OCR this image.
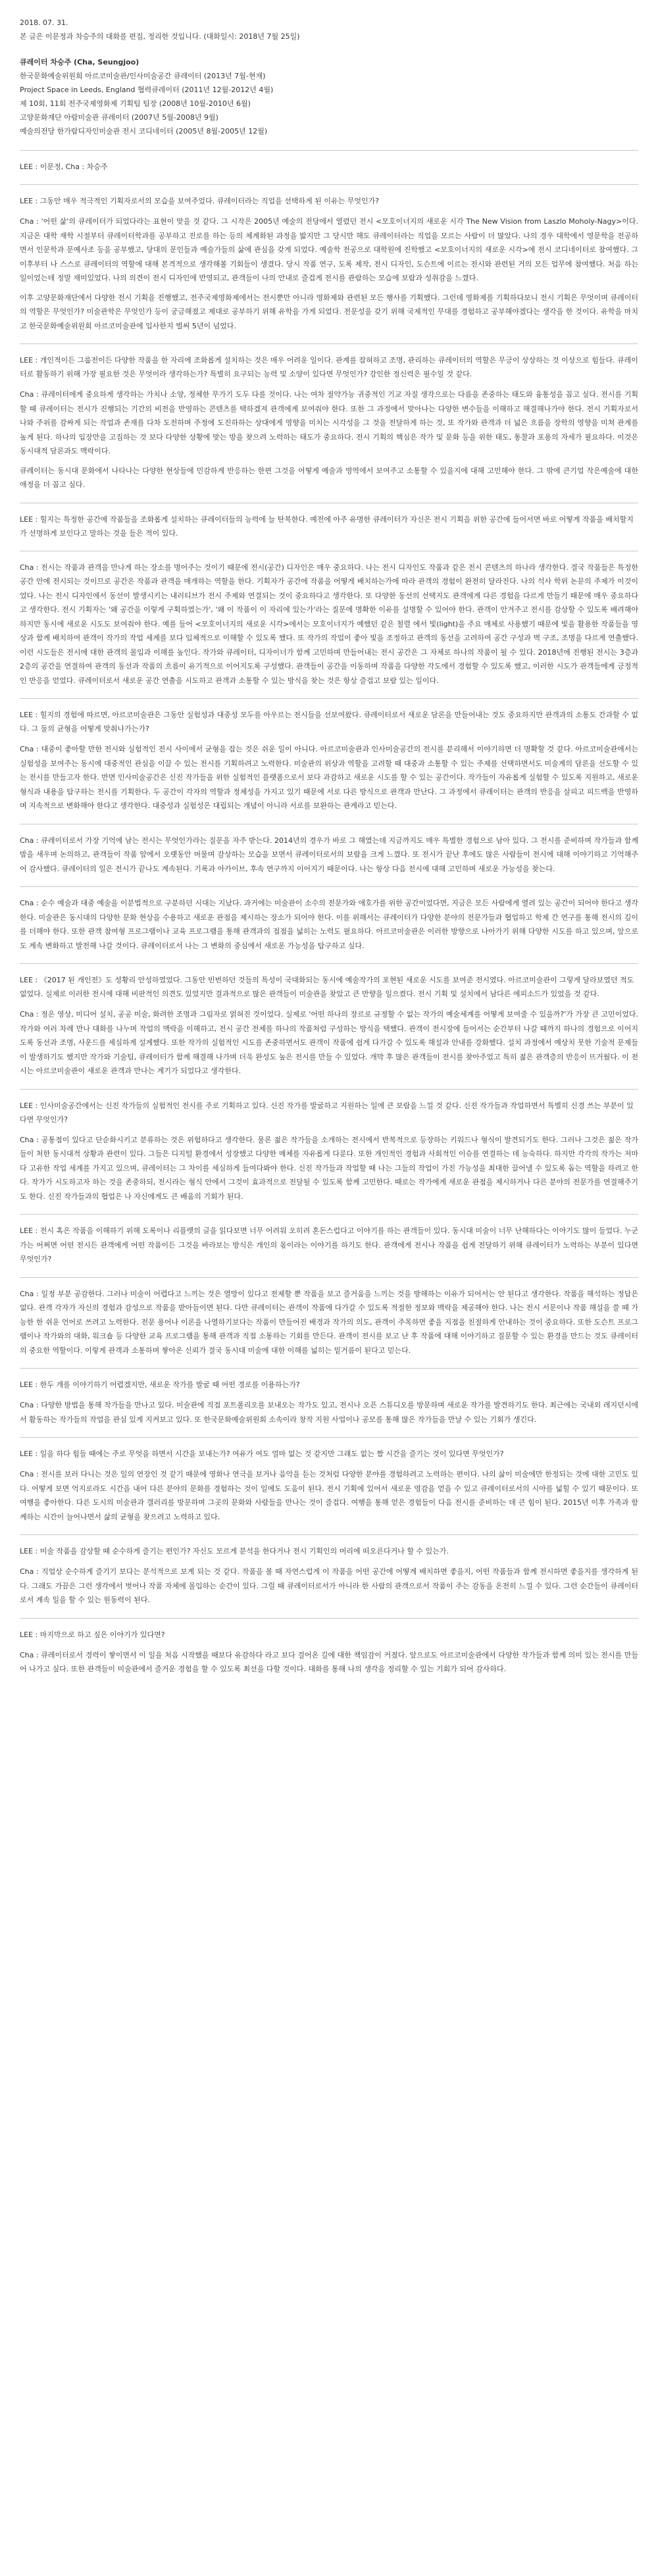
2018. 07. 31.

본 글은 이문정과 차승주의 대화를 편집, 정리한 것입니다. (대화일시: 2018년 7월 25일)

큐레이터 차승주 (Cha, Seungjoo)

한국문화예술위원회 아르코미술관/인사미술공간 큐레이터 (2013년 7월-현재)

Project Space in Leeds, England 협력큐레이터 (2011년 12월-2012년 4월)

제 10회, 11회 전주국제영화제 기획팀 팀장 (2008년 10월-2010년 6월)

고양문화재단 아람미술관 큐레이터 (2007년 5월-2008년 9월)

예술의전당 한가람디자인미술관 전시 코디네이터 (2005년 8월-2005년 12월)

LEE : 이문정, Cha : 차승주

LEE : 그동안 매우 적극적인 기획자로서의 모습을 보여주었다. 큐레이터라는 직업을 선택하게 된 이유는 무엇인가?

Cha : '어떤 삶'의 큐레이터가 되었다라는 표현이 맞을 것 같다. 그 시작은 2005년 예술의 전당에서 열렸던 전시 <모호이너지의 새로운 시각 The New Vision from Laszlo Moholy-Nagy>이다. 지금은 대학 재학 시절부터 큐레이터학과를 공부하고 진로를 하는 등의 체계화된 과정을 밟지만 그 당시만 해도 큐레이터라는 직업을 모르는 사람이 더 많았다. 나의 경우 대학에서 영문학을 전공하면서 인문학과 문예사조 등을 공부했고, 당대의 문인들과 예술가들의 삶에 관심을 갖게 되었다. 예술학 전공으로 대학원에 진학했고 <모호이너지의 새로운 시각>에 전시 코디네이터로 참여했다. 그 이후부터 나 스스로 큐레이터의 역할에 대해 본격적으로 생각해볼 기회들이 생겼다. 당시 작품 연구, 도록 제작, 전시 디자인, 도슨트에 이르는 전시와 관련된 거의 모든 업무에 참여했다. 처음 하는 일이었는데 정말 재미있었다. 나의 의견이 전시 디자인에 반영되고, 관객들이 나의 안내로 즐겁게 전시를 관람하는 모습에 보람과 성취감을 느꼈다.

이후 고양문화재단에서 다양한 전시 기획을 진행했고, 전주국제영화제에서는 전시뿐만 아니라 영화제와 관련된 모든 행사를 기획했다. 그런데 영화제를 기획하다보니 전시 기획은 무엇이며 큐레이터의 역할은 무엇인가? 미술관학은 무엇인가 등이 궁금해졌고 제대로 공부하기 위해 유학을 가게 되었다. 전문성을 갖기 위해 국제적인 무대를 경험하고 공부해야겠다는 생각을 한 것이다. 유학을 마치고 한국문화예술위원회 아르코미술관에 입사한지 벌써 5년이 넘었다.

LEE : 개인적이든 그룹전이든 다양한 작품을 한 자리에 조화롭게 설치하는 것은 매우 어려운 일이다. 관계를 잡혀하고 조명, 관리하는 큐레이터의 역할은 무긍이 상상하는 것 이상으로 힘들다. 큐레이터로 활동하기 위해 가장 필요한 것은 무엇이라 생각하는가? 특별히 요구되는 능력 및 소양이 있다면 무엇인가? 강인한 정신력은 필수일 것 같다.

Cha : 큐레이터에게 중요하게 생각하는 가치나 소양, 정체한 무가기 도두 다를 것이다. 나는 여차 절약가능 귀중적인 기교 자질 생각으로는 다름을 존중하는 태도와 융통성을 꼽고 싶다. 전시를 기획할 때 큐레이터는 전시가 진행되는 기간의 비전을 반영하는 콘텐츠를 택하겠져 관객에게 보여줘야 한다. 또한 그 과정에서 맞아나는 다양한 변수들을 이해하고 해결해나가야 한다. 전시 기획자로서 나와 주위를 감싸게 되는 작업과 존재를 다차 도전하며 주정에 도진하하는 상대에게 영향을 미치는 시각성을 그 것을 전달하게 하는 것, 또 작가와 관객과 더 넓은 흐름을 장학의 영향을 미쳐 관계를 높게 된다. 하나의 입장만을 고집하는 것 보다 다양한 상황에 맞는 방을 찾으려 노력하는 태도가 중요하다. 전시 기획의 핵심은 작가 및 문화 등을 위한 태도, 통찰과 포용의 자세가 필요하다. 이것은 동시대적 담론과도 맥락이다.

큐레이터는 동시대 문화에서 나타나는 다양한 현상들에 민감하게 반응하는 한편 그것을 어떻게 예술과 영역에서 보여주고 소통할 수 있을지에 대해 고민해야 한다. 그 밖에 큰기업 작은예술에 대한 애정을 더 꼽고 싶다.

LEE : 힐지는 특정한 공간에 작품들을 조화롭게 설치하는 큐레이터들의 능력에 늘 탄복한다. 예전에 아주 유명한 큐레이터가 자신은 전시 기획을 위한 공간에 들어서면 바로 어떻게 작품을 배치할지가 선명하게 보인다고 말하는 것을 들은 적이 있다.

Cha : 전시는 작품과 관객을 만나게 하는 장소를 명어주는 것이기 때문에 전시(공간) 디자인은 매우 중요하다. 나는 전시 디자인도 작품과 같은 전시 콘텐츠의 하나라 생각한다. 결국 작품들은 특정한 공간 안에 전시되는 것이므로 공간은 작품과 관객을 매개하는 역할을 한다. 기획자가 공간에 작품을 어떻게 배치하는가에 따라 관객의 경험이 완전히 달라진다. 나의 석사 학위 논문의 주제가 이것이었다. 나는 전시 디자인에서 동선이 발생시키는 내러티브가 전시 주제와 연결되는 것이 중요하다고 생각한다. 또 다양한 동선의 선택지도 관객에게 다른 경험을 다르게 만들기 때문에 매우 중요하다고 생각한다. 전시 기획자는 '왜 공간을 이렇게 구획하였는가', '왜 이 작품이 이 자리에 있는가'라는 질문에 명확한 이유를 설명할 수 있어야 한다. 관객이 안겨주고 전시를 감상할 수 있도록 배려해야 하지만 동시에 새로운 시도도 보여줘야 한다. 예를 들어 <모호이너지의 새로운 시각>에서는 모호이너지가 예했던 같은 철렬 에서 빛(light)을 주요 매체로 사용했기 때문에 빛을 활용한 작품들을 영상과 함께 배치하여 관객이 작가의 작업 세계를 보다 입체적으로 이해할 수 있도록 했다. 또 작가의 작업이 좋아 빛을 조정하고 관객의 동선을 고려하여 공간 구성과 벽 구조, 조명을 다르게 연출했다. 이런 시도들은 전시에 대한 관객의 몰입과 이해를 높인다. 작가와 큐레이터, 디자이너가 함께 고민하며 만들어내는 전시 공간은 그 자체로 하나의 작품이 될 수 있다. 2018년에 진행된 전시는 3층과 2층의 공간을 연결하여 관객의 동선과 작품의 흐름이 유기적으로 이어지도록 구성했다. 관객들이 공간을 이동하며 작품을 다양한 각도에서 경험할 수 있도록 했고, 이러한 시도가 관객들에게 긍정적인 반응을 얻었다. 큐레이터로서 새로운 공간 연출을 시도하고 관객과 소통할 수 있는 방식을 찾는 것은 항상 즐겁고 보람 있는 일이다.

LEE : 힐지의 경험에 따르면, 아르코미술관은 그동안 실험성과 대중성 모두를 아우르는 전시들을 선보여왔다. 큐레이터로서 새로운 담론을 만들어내는 것도 중요하지만 관객과의 소통도 간과할 수 없다. 그 둘의 균형을 어떻게 맞춰나가는가?

Cha : 대중이 좋아할 만한 전시와 실험적인 전시 사이에서 균형을 잡는 것은 쉬운 일이 아니다. 아르코미술관과 인사미술공간의 전시를 분리해서 이야기하면 더 명확할 것 같다. 아르코미술관에서는 실험성을 보여주는 동시에 대중적인 관심을 이끌 수 있는 전시를 기획하려고 노력한다. 미술관의 위상과 역할을 고려할 때 대중과 소통할 수 있는 주제를 선택하면서도 미술계의 담론을 선도할 수 있는 전시를 만들고자 한다. 반면 인사미술공간은 신진 작가들을 위한 실험적인 플랫폼으로서 보다 과감하고 새로운 시도를 할 수 있는 공간이다. 작가들이 자유롭게 실험할 수 있도록 지원하고, 새로운 형식과 내용을 탐구하는 전시를 기획한다. 두 공간이 각자의 역할과 정체성을 가지고 있기 때문에 서로 다른 방식으로 관객과 만난다. 그 과정에서 큐레이터는 관객의 반응을 살피고 피드백을 반영하며 지속적으로 변화해야 한다고 생각한다. 대중성과 실험성은 대립되는 개념이 아니라 서로를 보완하는 관계라고 믿는다.

Cha : 큐레이터로서 가장 기억에 남는 전시는 무엇인가라는 질문을 자주 받는다. 2014년의 경우가 바로 그 해였는데 지금까지도 매우 특별한 경험으로 남아 있다. 그 전시를 준비하며 작가들과 함께 밤을 새우며 논의하고, 관객들이 작품 앞에서 오랫동안 머물며 감상하는 모습을 보면서 큐레이터로서의 보람을 크게 느꼈다. 또 전시가 끝난 후에도 많은 사람들이 전시에 대해 이야기하고 기억해주어 감사했다. 큐레이터의 일은 전시가 끝나도 계속된다. 기록과 아카이브, 후속 연구까지 이어지기 때문이다. 나는 항상 다음 전시에 대해 고민하며 새로운 가능성을 찾는다.

Cha : 순수 예술과 대중 예술을 이분법적으로 구분하던 시대는 지났다. 과거에는 미술관이 소수의 전문가와 애호가를 위한 공간이었다면, 지금은 모든 사람에게 열려 있는 공간이 되어야 한다고 생각한다. 미술관은 동시대의 다양한 문화 현상을 수용하고 새로운 관점을 제시하는 장소가 되어야 한다. 이를 위해서는 큐레이터가 다양한 분야의 전문가들과 협업하고 학제 간 연구를 통해 전시의 깊이를 더해야 한다. 또한 관객 참여형 프로그램이나 교육 프로그램을 통해 관객과의 접점을 넓히는 노력도 필요하다. 아르코미술관은 이러한 방향으로 나아가기 위해 다양한 시도를 하고 있으며, 앞으로도 계속 변화하고 발전해 나갈 것이다. 큐레이터로서 나는 그 변화의 중심에서 새로운 가능성을 탐구하고 싶다.

LEE : 《2017 된 개인전》도 성황리 안성하였었다. 그동안 빈번하던 것들의 특성이 국대화되는 동시에 예술작가의 포현된 새로운 시도를 보여준 전시였다. 아르코미술관이 그렇게 달라보였던 적도 없었다. 실제로 이러한 전시에 대해 비판적인 의견도 있었지만 결과적으로 많은 관객들이 미술관을 찾았고 큰 반향을 일으켰다. 전시 기획 및 설치에서 남다른 에피소드가 있었을 것 같다.

Cha : 정은 영상, 미디어 설치, 공공 미술, 화려한 조명과 그림자로 얽혀진 것이었다. 실제로 '어떤 하나의 장르로 규정할 수 없는 작가의 예술세계를 어떻게 보여줄 수 있을까?'가 가장 큰 고민이었다. 작가와 여러 차례 만나 대화를 나누며 작업의 맥락을 이해하고, 전시 공간 전체를 하나의 작품처럼 구성하는 방식을 택했다. 관객이 전시장에 들어서는 순간부터 나갈 때까지 하나의 경험으로 이어지도록 동선과 조명, 사운드를 세심하게 설계했다. 또한 작가의 실험적인 시도를 존중하면서도 관객이 작품에 쉽게 다가갈 수 있도록 해설과 안내를 강화했다. 설치 과정에서 예상치 못한 기술적 문제들이 발생하기도 했지만 작가와 기술팀, 큐레이터가 함께 해결해 나가며 더욱 완성도 높은 전시를 만들 수 있었다. 개막 후 많은 관객들이 전시를 찾아주었고 특히 젊은 관객층의 반응이 뜨거웠다. 이 전시는 아르코미술관이 새로운 관객과 만나는 계기가 되었다고 생각한다.

LEE : 인사미술공간에서는 신진 작가들의 실험적인 전시를 주로 기획하고 있다. 신진 작가를 발굴하고 지원하는 일에 큰 보람을 느낄 것 같다. 신진 작가들과 작업하면서 특별히 신경 쓰는 부분이 있다면 무엇인가?

Cha : 공통점이 있다고 단순화시키고 분류하는 것은 위험하다고 생각한다. 물론 젊은 작가들을 소개하는 전시에서 반복적으로 등장하는 키워드나 형식이 발견되기도 한다. 그러나 그것은 젊은 작가들이 처한 동시대적 상황과 관련이 있다. 그들은 디지털 환경에서 성장했고 다양한 매체를 자유롭게 다룬다. 또한 개인적인 경험과 사회적인 이슈를 연결하는 데 능숙하다. 하지만 각각의 작가는 저마다 고유한 작업 세계를 가지고 있으며, 큐레이터는 그 차이를 세심하게 들여다봐야 한다. 신진 작가들과 작업할 때 나는 그들의 작업이 가진 가능성을 최대한 끌어낼 수 있도록 돕는 역할을 하려고 한다. 작가가 시도하고자 하는 것을 존중하되, 전시라는 형식 안에서 그것이 효과적으로 전달될 수 있도록 함께 고민한다. 때로는 작가에게 새로운 관점을 제시하거나 다른 분야의 전문가를 연결해주기도 한다. 신진 작가들과의 협업은 나 자신에게도 큰 배움의 기회가 된다.

LEE : 전시 혹은 작품을 이해하기 위해 도록이나 리플렛의 글을 읽다보면 너무 어려워 오히려 혼돈스럽다고 이야기를 하는 관객들이 있다. 동시대 미술이 너무 난해하다는 이야기도 많이 들었다. 누군가는 어쩌면 어떤 전시든 관객에게 어떤 작품이든 그것을 바라보는 방식은 개인의 몫이라는 이야기를 하기도 한다. 관객에게 전시나 작품을 쉽게 전달하기 위해 큐레이터가 노력하는 부분이 있다면 무엇인가?

Cha : 일정 부분 공감한다. 그러나 미술이 어렵다고 느끼는 것은 열망이 있다고 전제할 뿐 작품을 보고 즐거움을 느끼는 것을 방해하는 이유가 되어서는 안 된다고 생각한다. 작품을 해석하는 정답은 없다. 관객 각자가 자신의 경험과 감성으로 작품을 받아들이면 된다. 다만 큐레이터는 관객이 작품에 다가갈 수 있도록 적절한 정보와 맥락을 제공해야 한다. 나는 전시 서문이나 작품 해설을 쓸 때 가능한 한 쉬운 언어로 쓰려고 노력한다. 전문 용어나 이론을 나열하기보다는 작품이 만들어진 배경과 작가의 의도, 관객이 주목하면 좋을 지점을 친절하게 안내하는 것이 중요하다. 또한 도슨트 프로그램이나 작가와의 대화, 워크숍 등 다양한 교육 프로그램을 통해 관객과 직접 소통하는 기회를 만든다. 관객이 전시를 보고 난 후 작품에 대해 이야기하고 질문할 수 있는 환경을 만드는 것도 큐레이터의 중요한 역할이다. 이렇게 관객과 소통하며 쌓아온 신뢰가 결국 동시대 미술에 대한 이해를 넓히는 밑거름이 된다고 믿는다.

LEE : 한두 개를 이야기하기 어렵겠지만, 새로운 작가를 발굴 때 어떤 경로를 이용하는가?

Cha : 다양한 방법을 통해 작가들을 만나고 있다. 미술관에 직접 포트폴리오를 보내오는 작가도 있고, 전시나 오픈 스튜디오를 방문하며 새로운 작가를 발견하기도 한다. 최근에는 국내외 레지던시에서 활동하는 작가들의 작업을 관심 있게 지켜보고 있다. 또 한국문화예술위원회 소속이라 창작 지원 사업이나 공모를 통해 많은 작가들을 만날 수 있는 기회가 생긴다.

LEE : 일을 하다 힘들 때에는 주로 무엇을 하면서 시간을 보내는가? 여유가 여도 얼마 없는 것 같지만 그래도 없는 짬 시간을 즐기는 것이 있다면 무엇인가?

Cha : 전시를 보러 다니는 것은 일의 연장인 것 같기 때문에 영화나 연극을 보거나 음악을 듣는 것처럼 다양한 분야를 경험하려고 노력하는 편이다. 나의 삶이 미술에만 한정되는 것에 대한 고민도 있다. 어떻게 보면 억지로라도 시간을 내어 다른 분야의 문화를 경험하는 것이 일에도 도움이 된다. 전시 기획에 있어서 새로운 영감을 얻을 수 있고 큐레이터로서의 시야를 넓힐 수 있기 때문이다. 또 여행을 좋아한다. 다른 도시의 미술관과 갤러리를 방문하며 그곳의 문화와 사람들을 만나는 것이 즐겁다. 여행을 통해 얻은 경험들이 다음 전시를 준비하는 데 큰 힘이 된다. 2015년 이후 가족과 함께하는 시간이 늘어나면서 삶의 균형을 찾으려고 노력하고 있다.

LEE : 미술 작품을 감상할 때 순수하게 즐기는 편인가? 자신도 모르게 분석을 한다거나 전시 기획인의 머리에 떠오른다거나 할 수 있는가.

Cha : 직업상 순수하게 즐기기 보다는 분석적으로 보게 되는 것 같다. 작품을 볼 때 자연스럽게 이 작품을 어떤 공간에 어떻게 배치하면 좋을지, 어떤 작품들과 함께 전시하면 좋을지를 생각하게 된다. 그래도 가끔은 그런 생각에서 벗어나 작품 자체에 몰입하는 순간이 있다. 그럴 때 큐레이터로서가 아니라 한 사람의 관객으로서 작품이 주는 감동을 온전히 느낄 수 있다. 그런 순간들이 큐레이터로서 계속 일을 할 수 있는 원동력이 된다.

LEE : 마지막으로 하고 싶은 이야기가 있다면?

Cha : 큐레이터로서 경력이 쌓이면서 이 일을 처음 시작했을 때보다 유감하다 라고 보다 걸어온 길에 대한 책임감이 커졌다. 앞으로도 아르코미술관에서 다양한 작가들과 함께 의미 있는 전시를 만들어 나가고 싶다. 또한 관객들이 미술관에서 즐거운 경험을 할 수 있도록 최선을 다할 것이다. 대화를 통해 나의 생각을 정리할 수 있는 기회가 되어 감사하다.
